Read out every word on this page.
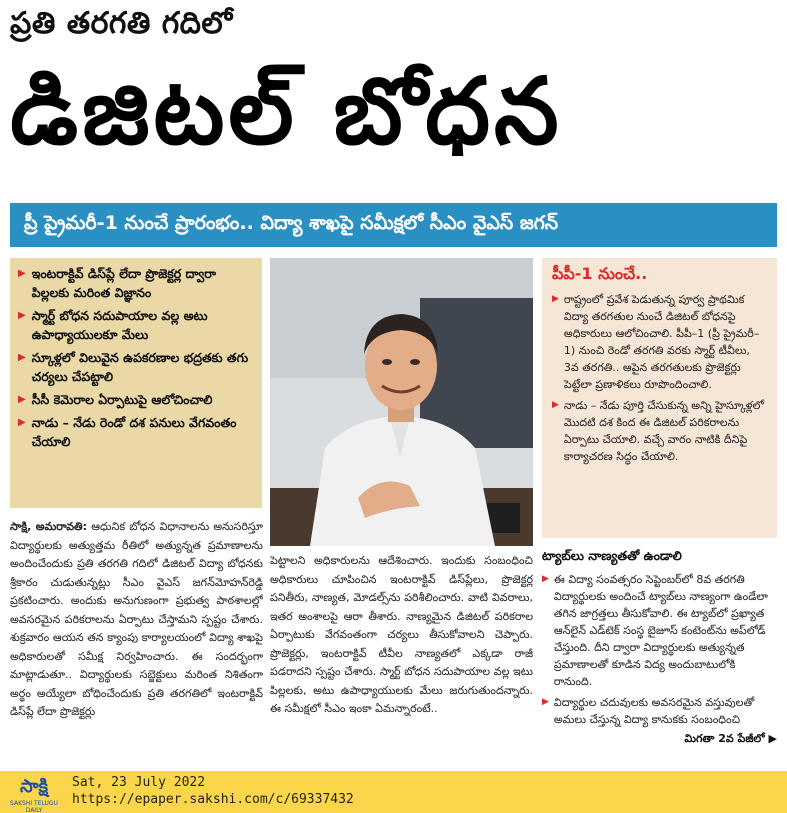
ప్రతి తరగతి గదిలో
డిజిటల్ బోధన
ప్రీ ప్రైమరీ-1 నుంచే ప్రారంభం.. విద్యా శాఖపై సమీక్షలో సీఎం వైఎస్ జగన్
▶ ఇంటరాక్టివ్ డిస్‌ప్లే లేదా ప్రొజెక్టర్ల ద్వారా పిల్లలకు మరింత విజ్ఞానం
▶ స్మార్ట్ బోధన సదుపాయాల వల్ల అటు ఉపాధ్యాయులకూ మేలు
▶ స్కూళ్లలో విలువైన ఉపకరణాల భద్రతకు తగు చర్యలు చేపట్టాలి
▶ సీసీ కెమెరాల ఏర్పాటుపై ఆలోచించాలి
▶ నాడు – నేడు రెండో దశ పనులు వేగవంతం చేయాలి
పీపీ-1 నుంచే..
▶ రాష్ట్రంలో ప్రవేశ పెడుతున్న పూర్వ ప్రాథమిక విద్యా తరగతుల నుంచే డిజిటల్ బోధనపై అధికారులు ఆలోచించాలి. పీపీ–1 (ప్రీ ప్రైమరీ–1) నుంచి రెండో తరగతి వరకు స్మార్ట్ టీవీలు, 3వ తరగతి.. ఆపైన తరగతులకు ప్రొజెక్టర్లు పెట్టేలా ప్రణాళికలు రూపొందించాలి.
▶ నాడు – నేడు పూర్తి చేసుకున్న అన్ని హైస్కూళ్లలో మొదటి దశ కింద ఈ డిజిటల్ పరికరాలను ఏర్పాటు చేయాలి. వచ్చే వారం నాటికి దీనిపై కార్యాచరణ సిద్ధం చేయాలి.
సాక్షి, అమరావతి: ఆధునిక బోధన విధానాలను అనుసరిస్తూ విద్యార్థులకు అత్యుత్తమ రీతిలో అత్యున్నత ప్రమాణాలను అందించేందుకు ప్రతి తరగతి గదిలో డిజిటల్ విద్యా బోధనకు శ్రీకారం చుడుతున్నట్లు సీఎం వైఎస్ జగన్‌మోహన్‌రెడ్డి ప్రకటించారు. అందుకు అనుగుణంగా ప్రభుత్వ పాఠశాలల్లో అవసరమైన పరికరాలను ఏర్పాటు చేస్తామని స్పష్టం చేశారు. శుక్రవారం ఆయన తన క్యాంపు కార్యాలయంలో విద్యా శాఖపై అధికారులతో సమీక్ష నిర్వహించారు. ఈ సందర్భంగా మాట్లాడుతూ.. విద్యార్థులకు సబ్జెక్టులు మరింత నిశితంగా అర్థం అయ్యేలా బోధించేందుకు ప్రతి తరగతిలో ఇంటరాక్టివ్ డిస్‌ప్లే లేదా ప్రొజెక్టర్లు
పెట్టాలని అధికారులను ఆదేశించారు. ఇందుకు సంబంధించి అధికారులు చూపించిన ఇంటరాక్టివ్ డిస్‌ప్లేలు, ప్రొజెక్టర్ల పనితీరు, నాణ్యత, మోడల్స్‌ను పరిశీలించారు. వాటి వివరాలు, ఇతర అంశాలపై ఆరా తీశారు. నాణ్యమైన డిజిటల్ పరికరాల ఏర్పాటుకు వేగవంతంగా చర్యలు తీసుకోవాలని చెప్పారు. ప్రొజెక్టర్లు, ఇంటరాక్టివ్ టీవీల నాణ్యతలో ఎక్కడా రాజీ పడరాదని స్పష్టం చేశారు. స్మార్ట్ బోధన సదుపాయాల వల్ల ఇటు పిల్లలకు, అటు ఉపాధ్యాయులకు మేలు జరుగుతుందన్నారు. ఈ సమీక్షలో సీఎం ఇంకా ఏమన్నారంటే..
ట్యాబ్‌లు నాణ్యతతో ఉండాలి
▶ ఈ విద్యా సంవత్సరం సెప్టెంబర్‌లో 8వ తరగతి విద్యార్థులకు అందించే ట్యాబ్‌లు నాణ్యంగా ఉండేలా తగిన జాగ్రత్తలు తీసుకోవాలి. ఈ ట్యాబ్‌లో ప్రఖ్యాత ఆన్‌లైన్ ఎడ్‌టెక్ సంస్థ బైజూస్ కంటెంట్‌ను అప్‌లోడ్ చేస్తుంది. దీని ద్వారా విద్యార్థులకు అత్యున్నత ప్రమాణాలతో కూడిన విద్య అందుబాటులోకి రానుంది.
▶ విద్యార్థుల చదువులకు అవసరమైన వస్తువులతో అమలు చేస్తున్న విద్యా కానుకకు సంబంధించి
మిగతా 2వ పేజీలో ▶
సాక్షి
SAKSHI TELUGU DAILY
Sat, 23 July 2022
https://epaper.sakshi.com/c/69337432
